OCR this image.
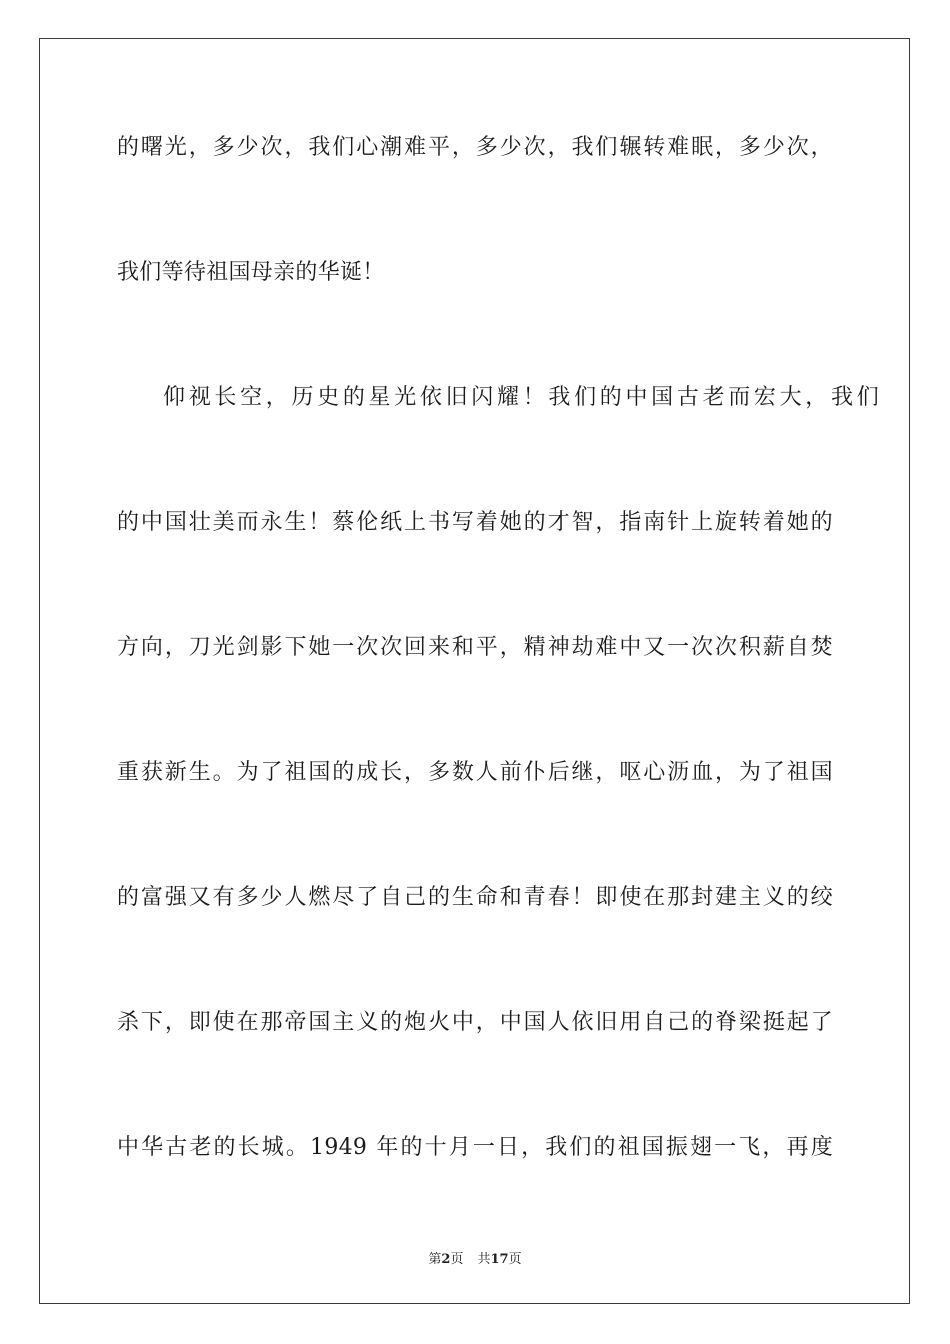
的曙光，多少次，我们心潮难平，多少次，我们辗转难眠，多少次，
我们等待祖国母亲的华诞！
仰视长空，历史的星光依旧闪耀！我们的中国古老而宏大，我们
的中国壮美而永生！蔡伦纸上书写着她的才智，指南针上旋转着她的
方向，刀光剑影下她一次次回来和平，精神劫难中又一次次积薪自焚
重获新生。为了祖国的成长，多数人前仆后继，呕心沥血，为了祖国
的富强又有多少人燃尽了自己的生命和青春！即使在那封建主义的绞
杀下，即使在那帝国主义的炮火中，中国人依旧用自己的脊梁挺起了
中华古老的长城。1949 年的十月一日，我们的祖国振翅一飞，再度
第2页 共17页
